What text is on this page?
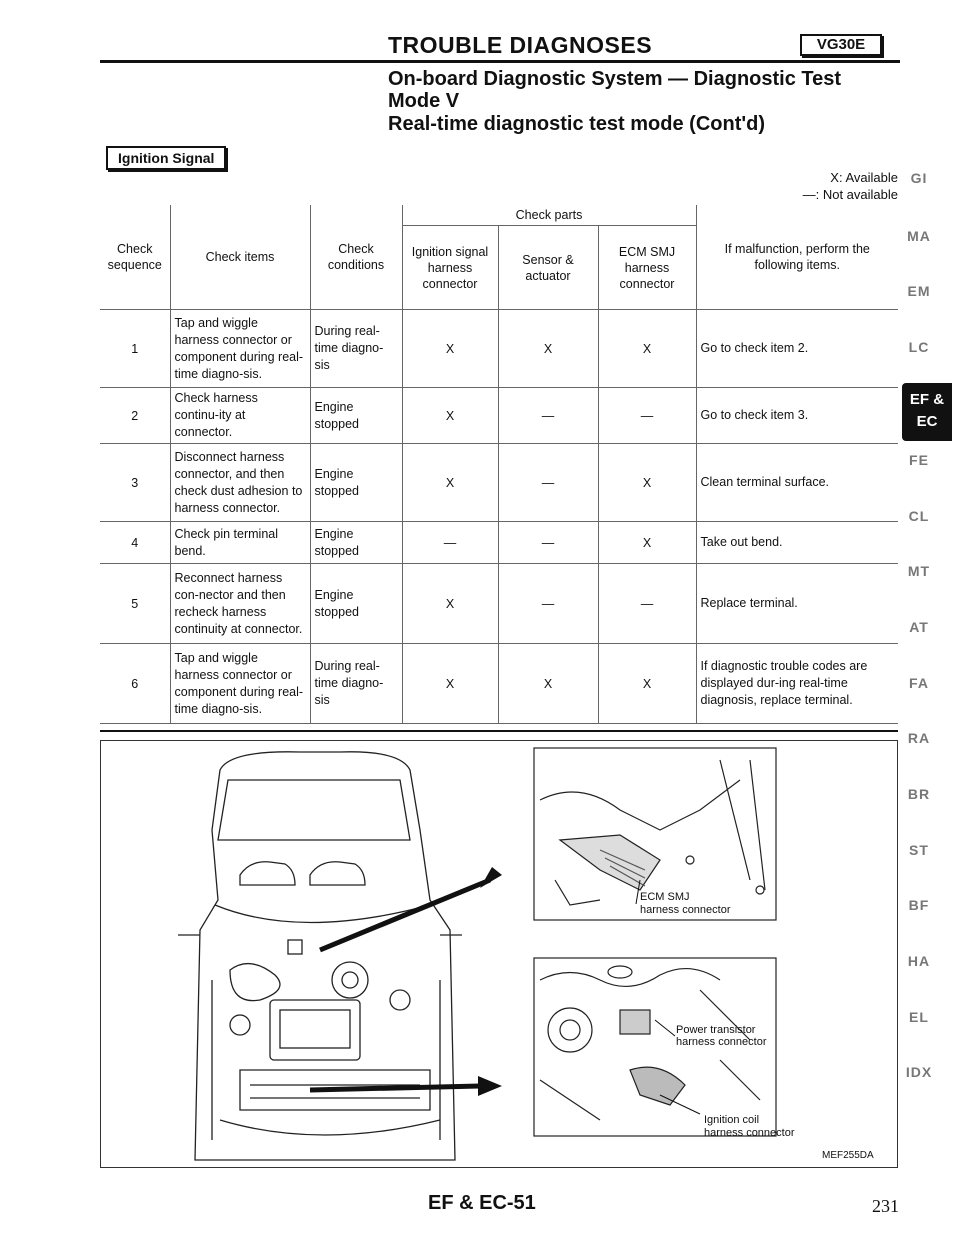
TROUBLE DIAGNOSES	VG30E
On-board Diagnostic System — Diagnostic Test
Mode V
Real-time diagnostic test mode (Cont'd)
Ignition Signal
X: Available
—: Not available
Check sequence	Check items	Check conditions	Check parts			If malfunction, perform the following items.
			Ignition signal harness connector	Sensor & actuator	ECM SMJ harness connector	
1	Tap and wiggle harness connector or component during real-time diagno-sis.	During real-time diagno-sis	X	X	X	Go to check item 2.
2	Check harness continu-ity at connector.	Engine stopped	X	—	—	Go to check item 3.
3	Disconnect harness connector, and then check dust adhesion to harness connector.	Engine stopped	X	—	X	Clean terminal surface.
4	Check pin terminal bend.	Engine stopped	—	—	X	Take out bend.
5	Reconnect harness con-nector and then recheck harness continuity at connector.	Engine stopped	X	—	—	Replace terminal.
6	Tap and wiggle harness connector or component during real-time diagno-sis.	During real-time diagno-sis	X	X	X	If diagnostic trouble codes are displayed dur-ing real-time diagnosis, replace terminal.
GI
MA
EM
LC
EF &
EC
FE
CL
MT
AT
FA
RA
BR
ST
BF
HA
EL
IDX
ECM SMJ
harness connector
Power transistor
harness connector
Ignition coil
harness connector
MEF255DA
EF & EC-51	231
